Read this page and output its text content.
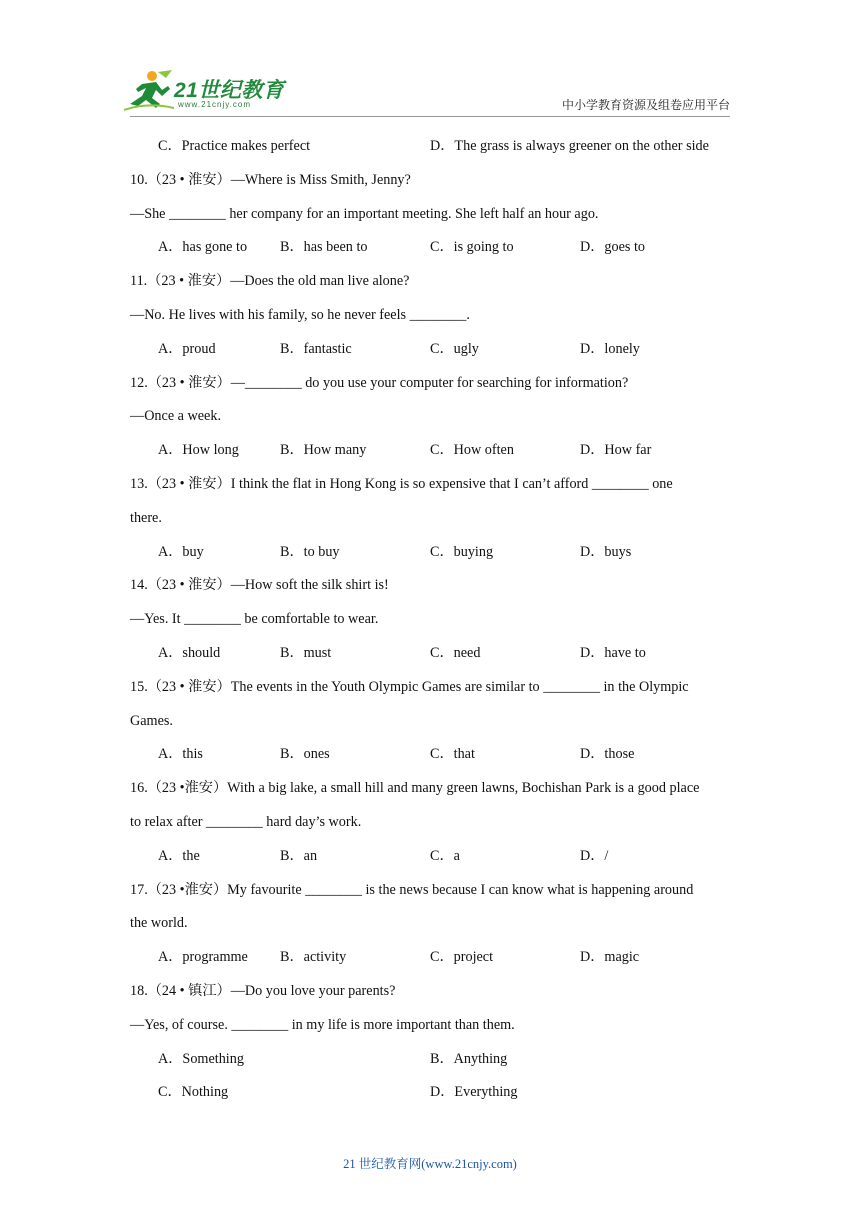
21世纪教育
www.21cnjy.com	中小学教育资源及组卷应用平台
C．Practice makes perfect	D．The grass is always greener on the other side
10.（23 • 淮安）—Where is Miss Smith, Jenny?
—She ________ her company for an important meeting. She left half an hour ago.
A．has gone to B．has been to	C．is going to	D．goes to
11.（23 • 淮安）—Does the old man live alone?
—No. He lives with his family, so he never feels ________.
A．proud	B．fantastic	C．ugly	D．lonely
12.（23 • 淮安）—________ do you use your computer for searching for information?
—Once a week.
A．How long	B．How many	C．How often	D．How far
13.（23 • 淮安）I think the flat in Hong Kong is so expensive that I can’t afford ________ one
there.
A．buy	B．to buy	C．buying	D．buys
14.（23 • 淮安）—How soft the silk shirt is!
—Yes. It ________ be comfortable to wear.
A．should	B．must	C．need	D．have to
15.（23 • 淮安）The events in the Youth Olympic Games are similar to ________ in the Olympic
Games.
A．this	B．ones	C．that	D．those
16.（23 •淮安）With a big lake, a small hill and many green lawns, Bochishan Park is a good place
to relax after ________ hard day’s work.
A．the	B．an	C．a	D．/
17.（23 •淮安）My favourite ________ is the news because I can know what is happening around
the world.
A．programme B．activity	C．project	D．magic
18.（24 • 镇江）—Do you love your parents?
—Yes, of course. ________ in my life is more important than them.
A．Something	B．Anything
C．Nothing	D．Everything
21 世纪教育网(www.21cnjy.com)
